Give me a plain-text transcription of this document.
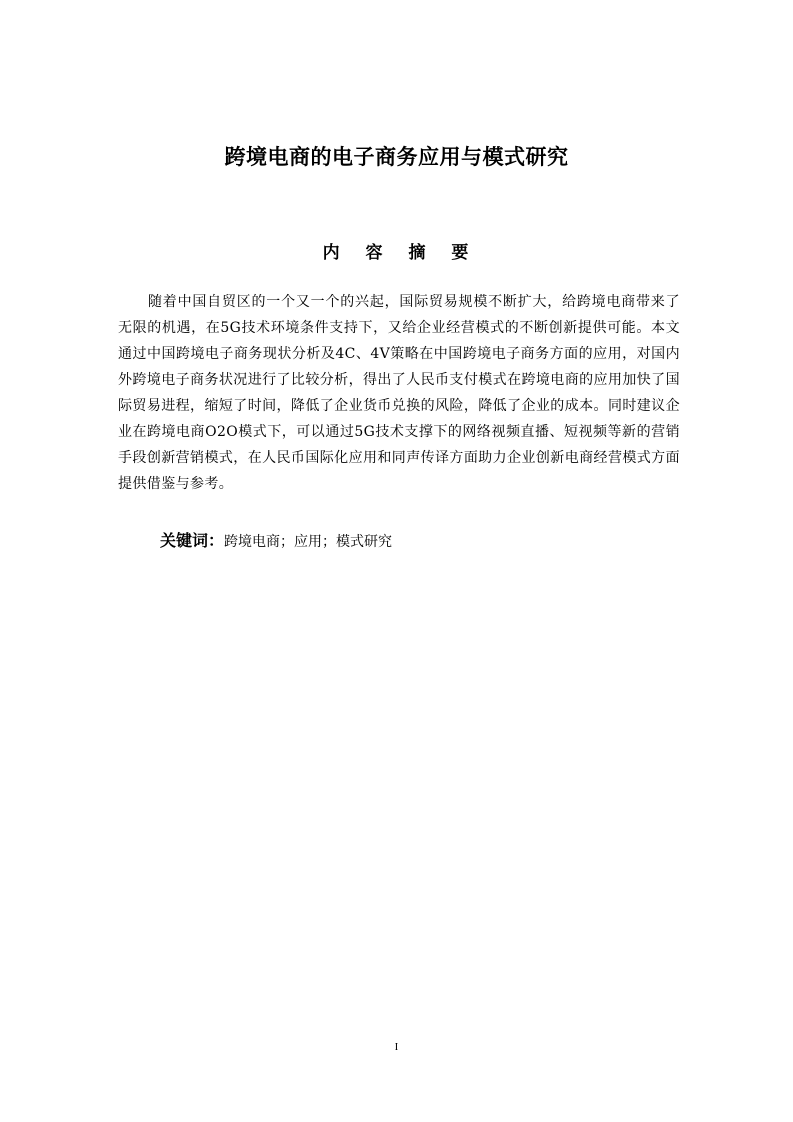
跨境电商的电子商务应用与模式研究
内 容 摘 要

随着中国自贸区的一个又一个的兴起，国际贸易规模不断扩大，给跨境电商带来了无限的机遇，在5G技术环境条件支持下，又给企业经营模式的不断创新提供可能。本文通过中国跨境电子商务现状分析及4C、4V策略在中国跨境电子商务方面的应用，对国内外跨境电子商务状况进行了比较分析，得出了人民币支付模式在跨境电商的应用加快了国际贸易进程，缩短了时间，降低了企业货币兑换的风险，降低了企业的成本。同时建议企业在跨境电商O2O模式下，可以通过5G技术支撑下的网络视频直播、短视频等新的营销手段创新营销模式，在人民币国际化应用和同声传译方面助力企业创新电商经营模式方面提供借鉴与参考。

关键词：跨境电商；应用；模式研究
I
